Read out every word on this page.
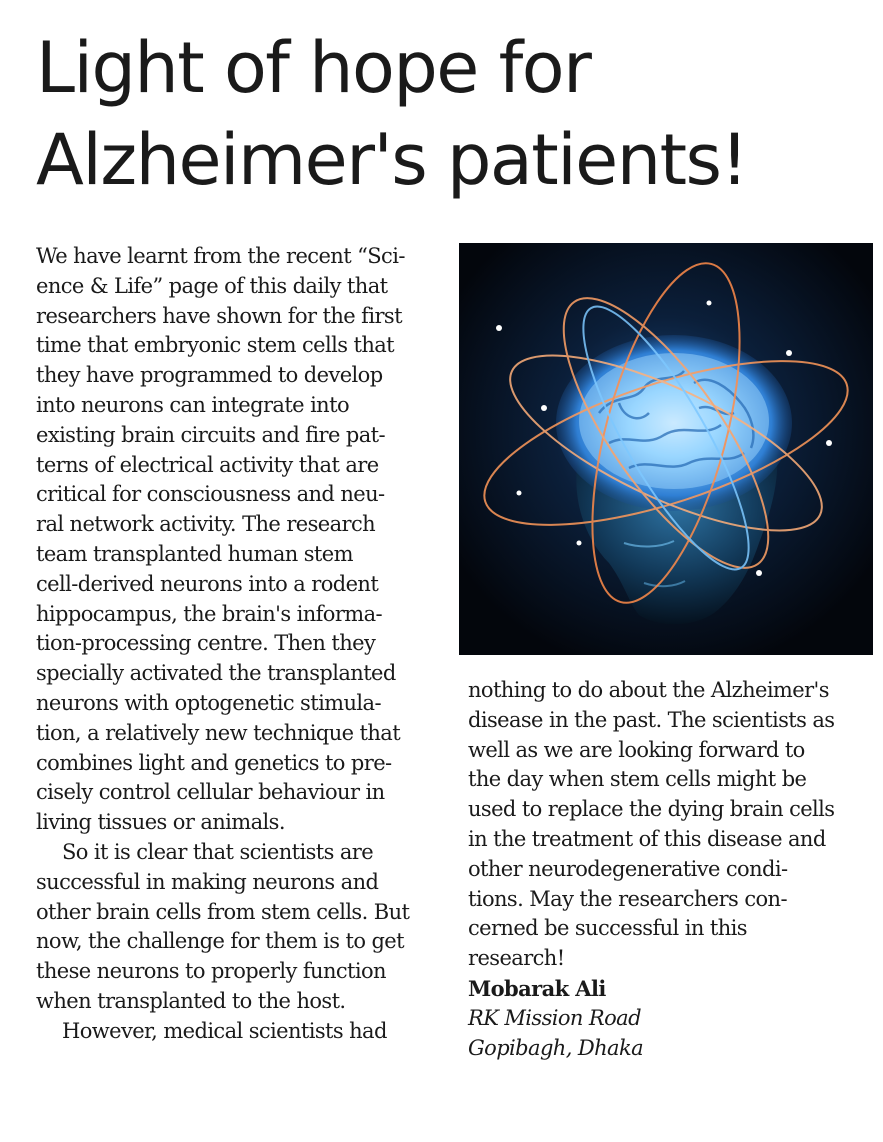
Light of hope for
Alzheimer's patients!
We have learnt from the recent “Sci-
ence & Life” page of this daily that
researchers have shown for the first
time that embryonic stem cells that
they have programmed to develop
into neurons can integrate into
existing brain circuits and fire pat-
terns of electrical activity that are
critical for consciousness and neu-
ral network activity. The research
team transplanted human stem
cell-derived neurons into a rodent
hippocampus, the brain's informa-
tion-processing centre. Then they
specially activated the transplanted
neurons with optogenetic stimula-
tion, a relatively new technique that
combines light and genetics to pre-
cisely control cellular behaviour in
living tissues or animals.
So it is clear that scientists are
successful in making neurons and
other brain cells from stem cells. But
now, the challenge for them is to get
these neurons to properly function
when transplanted to the host.
However, medical scientists had
nothing to do about the Alzheimer's
disease in the past. The scientists as
well as we are looking forward to
the day when stem cells might be
used to replace the dying brain cells
in the treatment of this disease and
other neurodegenerative condi-
tions. May the researchers con-
cerned be successful in this
research!
Mobarak Ali
RK Mission Road
Gopibagh, Dhaka
